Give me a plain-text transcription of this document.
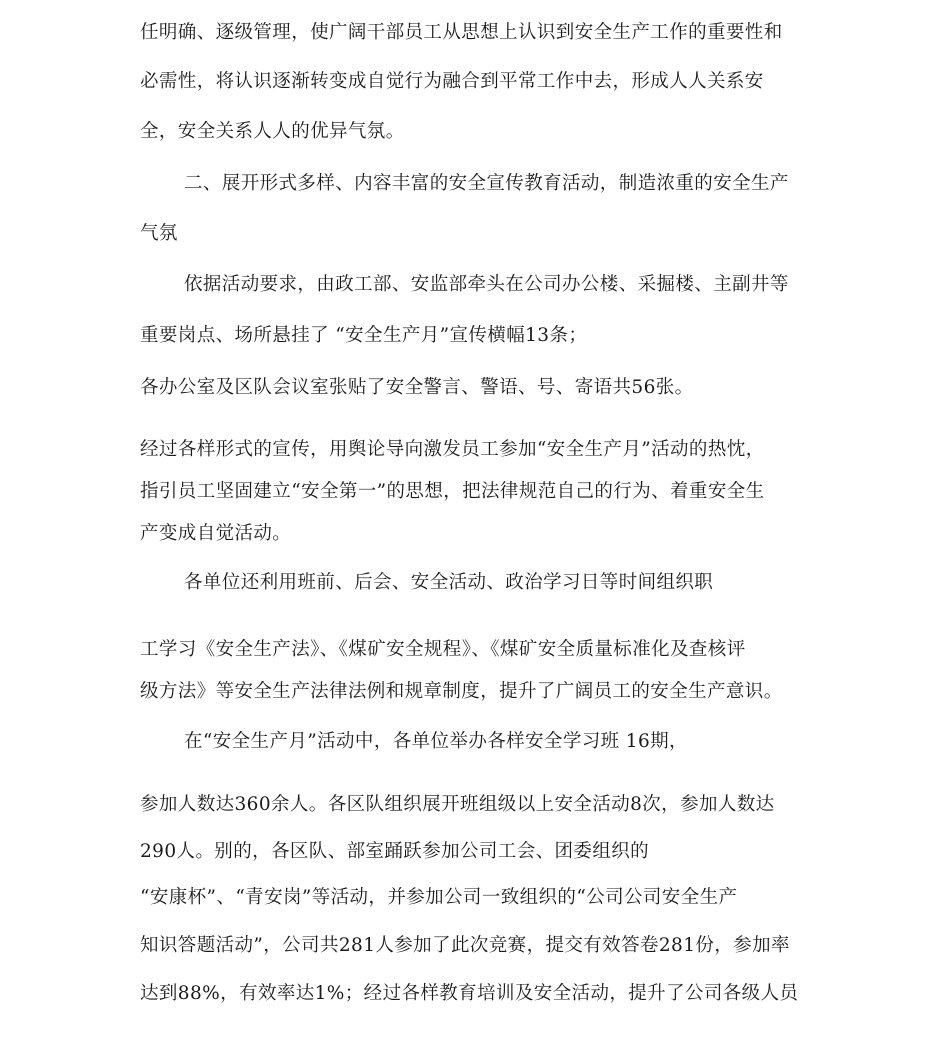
任明确、逐级管理，使广阔干部员工从思想上认识到安全生产工作的重要性和

必需性，将认识逐渐转变成自觉行为融合到平常工作中去，形成人人关系安

全，安全关系人人的优异气氛。

二、展开形式多样、内容丰富的安全宣传教育活动，制造浓重的安全生产

气氛

依据活动要求，由政工部、安监部牵头在公司办公楼、采掘楼、主副井等

重要岗点、场所悬挂了 “安全生产月”宣传横幅13条；

各办公室及区队会议室张贴了安全警言、警语、号、寄语共56张。

经过各样形式的宣传，用舆论导向激发员工参加“安全生产月”活动的热忱，

指引员工坚固建立“安全第一”的思想，把法律规范自己的行为、着重安全生

产变成自觉活动。

各单位还利用班前、后会、安全活动、政治学习日等时间组织职

工学习《安全生产法》、《煤矿安全规程》、《煤矿安全质量标准化及查核评

级方法》等安全生产法律法例和规章制度，提升了广阔员工的安全生产意识。

在“安全生产月”活动中，各单位举办各样安全学习班 16期，

参加人数达360余人。各区队组织展开班组级以上安全活动8次，参加人数达

290人。别的，各区队、部室踊跃参加公司工会、团委组织的

“安康杯”、“青安岗”等活动，并参加公司一致组织的“公司公司安全生产

知识答题活动”，公司共281人参加了此次竞赛，提交有效答卷281份，参加率

达到88%，有效率达1%；经过各样教育培训及安全活动，提升了公司各级人员
